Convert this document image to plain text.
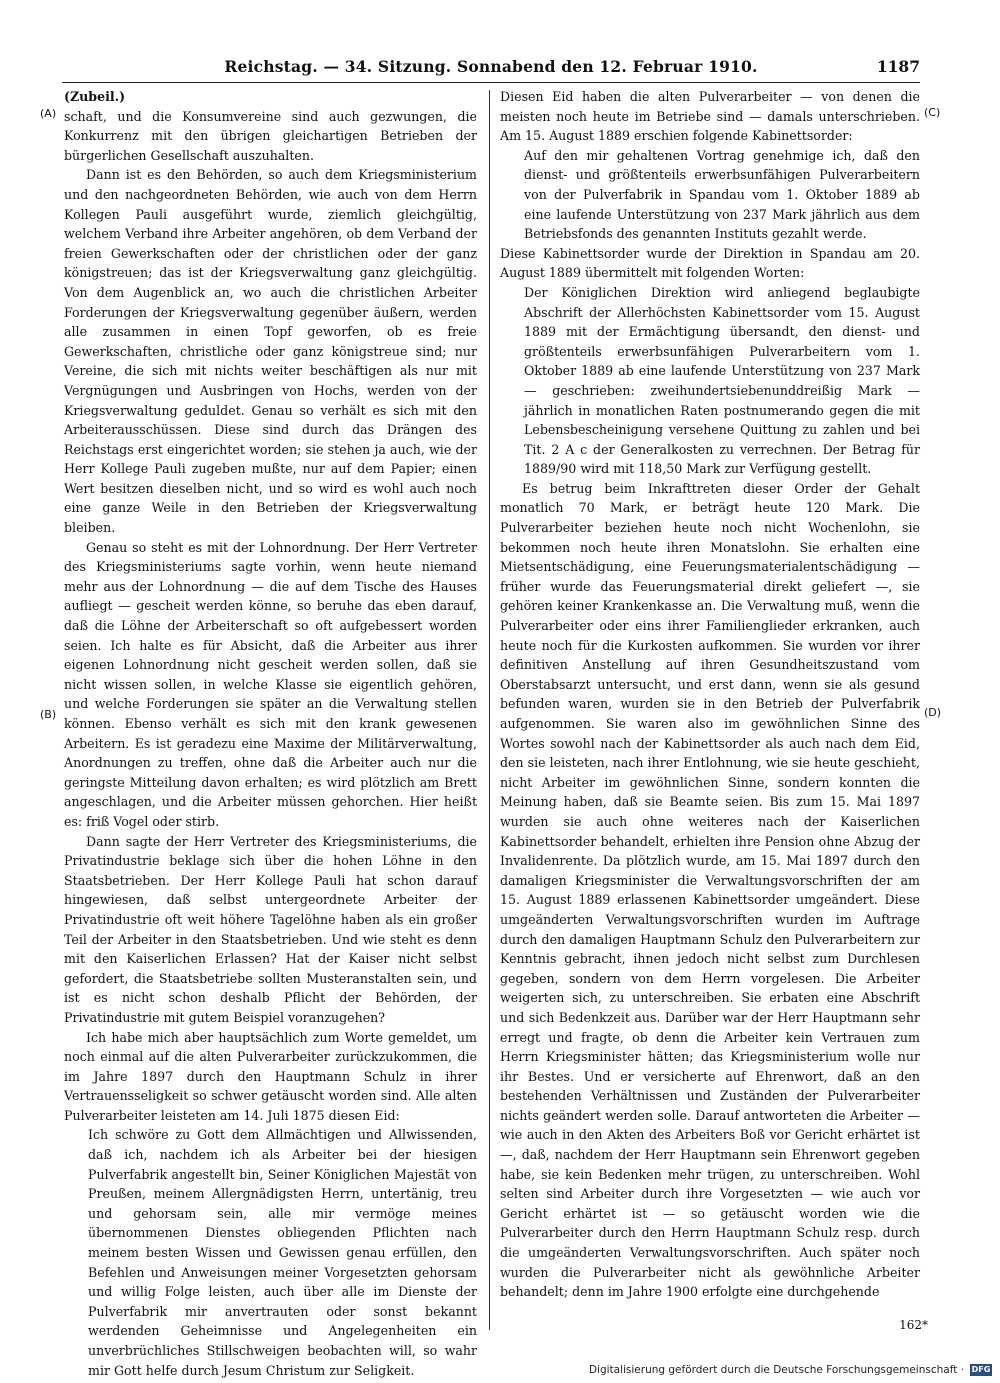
Reichstag. — 34. Sitzung. Sonnabend den 12. Februar 1910.	1187
(A)
(B)
(C)
(D)

(Zubeil.)

schaft, und die Konsumvereine sind auch gezwungen, die Konkurrenz mit den übrigen gleichartigen Betrieben der bürgerlichen Gesellschaft auszuhalten.

Dann ist es den Behörden, so auch dem Kriegsministerium und den nachgeordneten Behörden, wie auch von dem Herrn Kollegen Pauli ausgeführt wurde, ziemlich gleichgültig, welchem Verband ihre Arbeiter angehören, ob dem Verband der freien Gewerkschaften oder der christlichen oder der ganz königstreuen; das ist der Kriegsverwaltung ganz gleichgültig. Von dem Augenblick an, wo auch die christlichen Arbeiter Forderungen der Kriegsverwaltung gegenüber äußern, werden alle zusammen in einen Topf geworfen, ob es freie Gewerkschaften, christliche oder ganz königstreue sind; nur Vereine, die sich mit nichts weiter beschäftigen als nur mit Vergnügungen und Ausbringen von Hochs, werden von der Kriegsverwaltung geduldet. Genau so verhält es sich mit den Arbeiterausschüssen. Diese sind durch das Drängen des Reichstags erst eingerichtet worden; sie stehen ja auch, wie der Herr Kollege Pauli zugeben mußte, nur auf dem Papier; einen Wert besitzen dieselben nicht, und so wird es wohl auch noch eine ganze Weile in den Betrieben der Kriegsverwaltung bleiben.

Genau so steht es mit der Lohnordnung. Der Herr Vertreter des Kriegsministeriums sagte vorhin, wenn heute niemand mehr aus der Lohnordnung — die auf dem Tische des Hauses aufliegt — gescheit werden könne, so beruhe das eben darauf, daß die Löhne der Arbeiterschaft so oft aufgebessert worden seien. Ich halte es für Absicht, daß die Arbeiter aus ihrer eigenen Lohnordnung nicht gescheit werden sollen, daß sie nicht wissen sollen, in welche Klasse sie eigentlich gehören, und welche Forderungen sie später an die Verwaltung stellen können. Ebenso verhält es sich mit den krank gewesenen Arbeitern. Es ist geradezu eine Maxime der Militärverwaltung, Anordnungen zu treffen, ohne daß die Arbeiter auch nur die geringste Mitteilung davon erhalten; es wird plötzlich am Brett angeschlagen, und die Arbeiter müssen gehorchen. Hier heißt es: friß Vogel oder stirb.

Dann sagte der Herr Vertreter des Kriegsministeriums, die Privatindustrie beklage sich über die hohen Löhne in den Staatsbetrieben. Der Herr Kollege Pauli hat schon darauf hingewiesen, daß selbst untergeordnete Arbeiter der Privatindustrie oft weit höhere Tagelöhne haben als ein großer Teil der Arbeiter in den Staatsbetrieben. Und wie steht es denn mit den Kaiserlichen Erlassen? Hat der Kaiser nicht selbst gefordert, die Staatsbetriebe sollten Musteranstalten sein, und ist es nicht schon deshalb Pflicht der Behörden, der Privatindustrie mit gutem Beispiel voranzugehen?

Ich habe mich aber hauptsächlich zum Worte gemeldet, um noch einmal auf die alten Pulverarbeiter zurückzukommen, die im Jahre 1897 durch den Hauptmann Schulz in ihrer Vertrauensseligkeit so schwer getäuscht worden sind. Alle alten Pulverarbeiter leisteten am 14. Juli 1875 diesen Eid:

Ich schwöre zu Gott dem Allmächtigen und Allwissenden, daß ich, nachdem ich als Arbeiter bei der hiesigen Pulverfabrik angestellt bin, Seiner Königlichen Majestät von Preußen, meinem Allergnädigsten Herrn, untertänig, treu und gehorsam sein, alle mir vermöge meines übernommenen Dienstes obliegenden Pflichten nach meinem besten Wissen und Gewissen genau erfüllen, den Befehlen und Anweisungen meiner Vorgesetzten gehorsam und willig Folge leisten, auch über alle im Dienste der Pulverfabrik mir anvertrauten oder sonst bekannt werdenden Geheimnisse und Angelegenheiten ein unverbrüchliches Stillschweigen beobachten will, so wahr mir Gott helfe durch Jesum Christum zur Seligkeit.

Diesen Eid haben die alten Pulverarbeiter — von denen die meisten noch heute im Betriebe sind — damals unterschrieben. Am 15. August 1889 erschien folgende Kabinettsorder:

Auf den mir gehaltenen Vortrag genehmige ich, daß den dienst- und größtenteils erwerbsunfähigen Pulverarbeitern von der Pulverfabrik in Spandau vom 1. Oktober 1889 ab eine laufende Unterstützung von 237 Mark jährlich aus dem Betriebsfonds des genannten Instituts gezahlt werde.

Diese Kabinettsorder wurde der Direktion in Spandau am 20. August 1889 übermittelt mit folgenden Worten:

Der Königlichen Direktion wird anliegend beglaubigte Abschrift der Allerhöchsten Kabinettsorder vom 15. August 1889 mit der Ermächtigung übersandt, den dienst- und größtenteils erwerbsunfähigen Pulverarbeitern vom 1. Oktober 1889 ab eine laufende Unterstützung von 237 Mark — geschrieben: zweihundertsiebenunddreißig Mark — jährlich in monatlichen Raten postnumerando gegen die mit Lebensbescheinigung versehene Quittung zu zahlen und bei Tit. 2 A c der Generalkosten zu verrechnen. Der Betrag für 1889/90 wird mit 118,50 Mark zur Verfügung gestellt.

Es betrug beim Inkrafttreten dieser Order der Gehalt monatlich 70 Mark, er beträgt heute 120 Mark. Die Pulverarbeiter beziehen heute noch nicht Wochenlohn, sie bekommen noch heute ihren Monatslohn. Sie erhalten eine Mietsentschädigung, eine Feuerungsmaterialentschädigung — früher wurde das Feuerungsmaterial direkt geliefert —, sie gehören keiner Krankenkasse an. Die Verwaltung muß, wenn die Pulverarbeiter oder eins ihrer Familienglieder erkranken, auch heute noch für die Kurkosten aufkommen. Sie wurden vor ihrer definitiven Anstellung auf ihren Gesundheitszustand vom Oberstabsarzt untersucht, und erst dann, wenn sie als gesund befunden waren, wurden sie in den Betrieb der Pulverfabrik aufgenommen. Sie waren also im gewöhnlichen Sinne des Wortes sowohl nach der Kabinettsorder als auch nach dem Eid, den sie leisteten, nach ihrer Entlohnung, wie sie heute geschieht, nicht Arbeiter im gewöhnlichen Sinne, sondern konnten die Meinung haben, daß sie Beamte seien. Bis zum 15. Mai 1897 wurden sie auch ohne weiteres nach der Kaiserlichen Kabinettsorder behandelt, erhielten ihre Pension ohne Abzug der Invalidenrente. Da plötzlich wurde, am 15. Mai 1897 durch den damaligen Kriegsminister die Verwaltungsvorschriften der am 15. August 1889 erlassenen Kabinettsorder umgeändert. Diese umgeänderten Verwaltungsvorschriften wurden im Auftrage durch den damaligen Hauptmann Schulz den Pulverarbeitern zur Kenntnis gebracht, ihnen jedoch nicht selbst zum Durchlesen gegeben, sondern von dem Herrn vorgelesen. Die Arbeiter weigerten sich, zu unterschreiben. Sie erbaten eine Abschrift und sich Bedenkzeit aus. Darüber war der Herr Hauptmann sehr erregt und fragte, ob denn die Arbeiter kein Vertrauen zum Herrn Kriegsminister hätten; das Kriegsministerium wolle nur ihr Bestes. Und er versicherte auf Ehrenwort, daß an den bestehenden Verhältnissen und Zuständen der Pulverarbeiter nichts geändert werden solle. Darauf antworteten die Arbeiter — wie auch in den Akten des Arbeiters Boß vor Gericht erhärtet ist —, daß, nachdem der Herr Hauptmann sein Ehrenwort gegeben habe, sie kein Bedenken mehr trügen, zu unterschreiben. Wohl selten sind Arbeiter durch ihre Vorgesetzten — wie auch vor Gericht erhärtet ist — so getäuscht worden wie die Pulverarbeiter durch den Herrn Hauptmann Schulz resp. durch die umgeänderten Verwaltungsvorschriften. Auch später noch wurden die Pulverarbeiter nicht als gewöhnliche Arbeiter behandelt; denn im Jahre 1900 erfolgte eine durchgehende

162*
Digitalisierung gefördert durch die Deutsche Forschungsgemeinschaft · DFG
